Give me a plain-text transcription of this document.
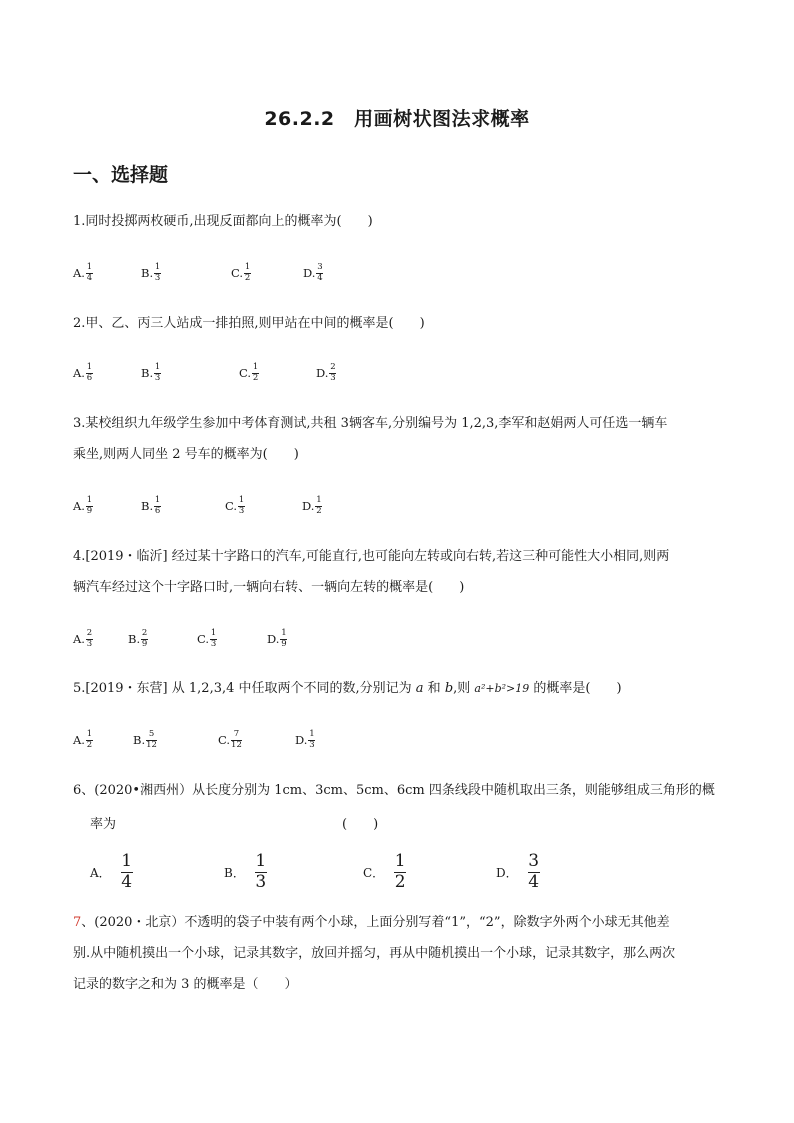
26.2.2　用画树状图法求概率
一、选择题
1.同时投掷两枚硬币,出现反面都向上的概率为(　　)
A. $\frac{1}{4}$	B. $\frac{1}{3}$	C. $\frac{1}{2}$	D. $\frac{3}{4}$
2.甲、乙、丙三人站成一排拍照,则甲站在中间的概率是(　　)
A. $\frac{1}{6}$	B. $\frac{1}{3}$	C. $\frac{1}{2}$	D. $\frac{2}{3}$
3.某校组织九年级学生参加中考体育测试,共租 3辆客车,分别编号为 1,2,3,李军和赵娟两人可任选一辆车
乘坐,则两人同坐 2 号车的概率为(　　)
A. $\frac{1}{9}$	B. $\frac{1}{6}$	C. $\frac{1}{3}$	D. $\frac{1}{2}$
4.[2019・临沂] 经过某十字路口的汽车,可能直行,也可能向左转或向右转,若这三种可能性大小相同,则两
辆汽车经过这个十字路口时,一辆向右转、一辆向左转的概率是(　　)
A. $\frac{2}{3}$	B. $\frac{2}{9}$	C. $\frac{1}{3}$	D. $\frac{1}{9}$
5.[2019・东营] 从 1,2,3,4 中任取两个不同的数,分别记为 a 和 b,则 a²+b²>19 的概率是(　　)
A. $\frac{1}{2}$	B. $\frac{5}{12}$	C. $\frac{7}{12}$	D. $\frac{1}{3}$
6、(2020•湘西州）从长度分别为 1cm、3cm、5cm、6cm 四条线段中随机取出三条，则能够组成三角形的概
率为	(　　)
A． $\frac{1}{4}$	B． $\frac{1}{3}$	C． $\frac{1}{2}$	D． $\frac{3}{4}$
7、(2020・北京）不透明的袋子中装有两个小球，上面分别写着“1”，“2”，除数字外两个小球无其他差
别.从中随机摸出一个小球，记录其数字，放回并摇匀，再从中随机摸出一个小球，记录其数字，那么两次
记录的数字之和为 3 的概率是（　　）
